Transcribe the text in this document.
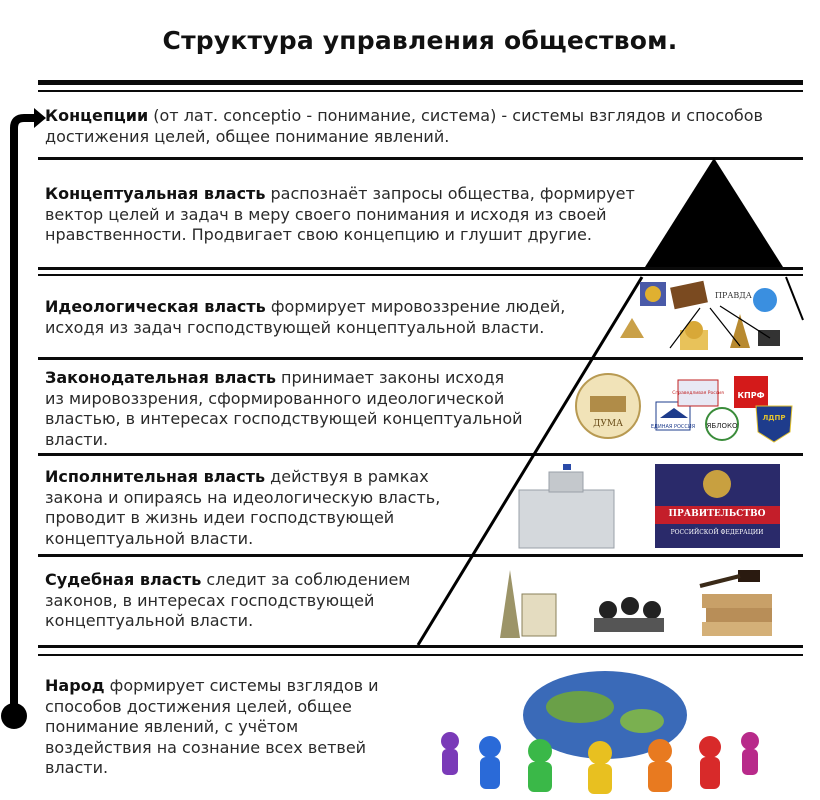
Структура управления обществом.
Концепции (от лат. conceptio - понимание, система) - системы взглядов и способов достижения целей, общее понимание явлений.
Концептуальная власть распознаёт запросы общества, формирует вектор целей и задач в меру своего понимания и исходя из своей нравственности. Продвигает свою концепцию и глушит другие.
Идеологическая власть формирует мировоззрение людей, исходя из задач господствующей концептуальной власти.
Законодательная власть принимает законы исходя из мировоззрения, сформированного идеологической властью, в интересах господствующей концептуальной власти.
Исполнительная власть действуя в рамках закона и опираясь на идеологическую власть, проводит в жизнь идеи господствующей концептуальной власти.
Судебная власть следит за соблюдением законов, в интересах господствующей концептуальной власти.
Народ формирует системы взглядов и способов достижения целей, общее понимание явлений, с учётом воздействия на сознание всех ветвей власти.
ПРАВДА
ДУМА	ЕДИНАЯ РОССИЯ
Справедливая Россия
ЯБЛОКО
КПРФ
ЛДПР
ПРАВИТЕЛЬСТВО
РОССИЙСКОЙ ФЕДЕРАЦИИ
